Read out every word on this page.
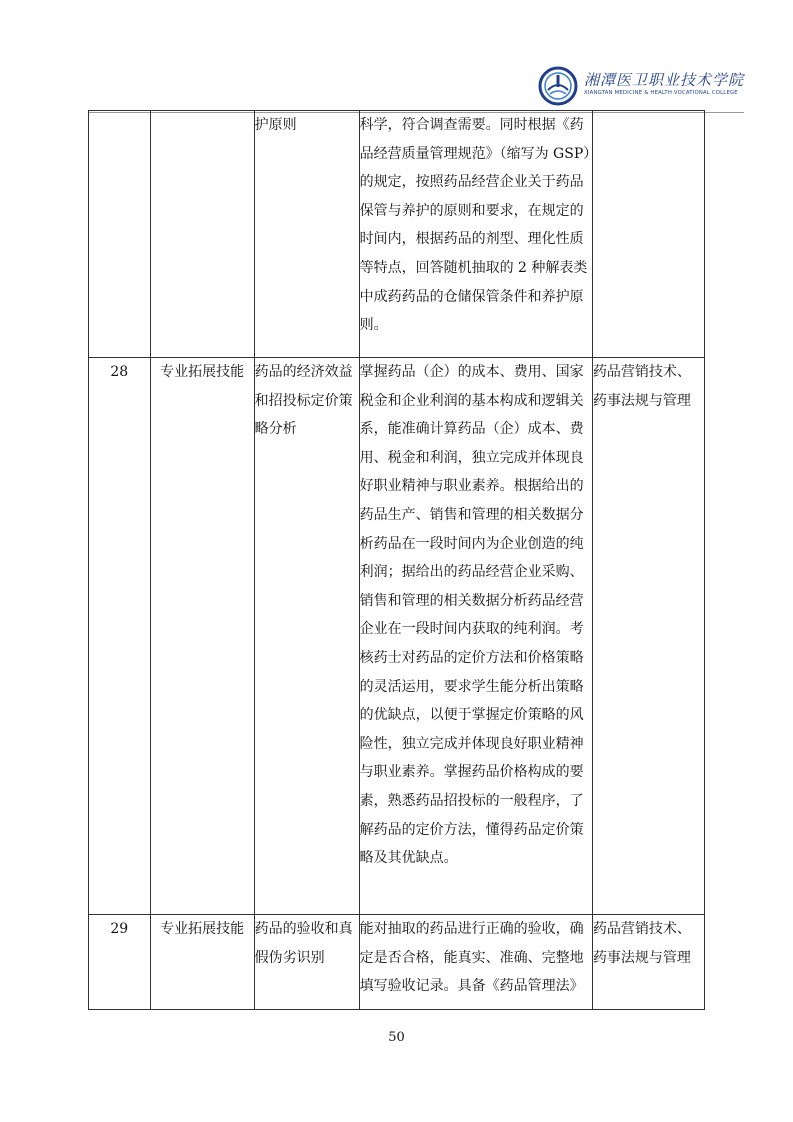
湘潭医卫职业技术学院
XIANGTAN MEDICINE & HEALTH VOCATIONAL COLLEGE
		护原则	科学，符合调查需要。同时根据《药品经营质量管理规范》（缩写为 GSP）的规定，按照药品经营企业关于药品保管与养护的原则和要求，在规定的时间内，根据药品的剂型、理化性质等特点，回答随机抽取的 2 种解表类中成药药品的仓储保管条件和养护原则。	
28	专业拓展技能	药品的经济效益和招投标定价策略分析	掌握药品（企）的成本、费用、国家税金和企业利润的基本构成和逻辑关系，能准确计算药品（企）成本、费用、税金和利润，独立完成并体现良好职业精神与职业素养。根据给出的药品生产、销售和管理的相关数据分析药品在一段时间内为企业创造的纯利润；据给出的药品经营企业采购、销售和管理的相关数据分析药品经营企业在一段时间内获取的纯利润。考核药士对药品的定价方法和价格策略的灵活运用，要求学生能分析出策略的优缺点，以便于掌握定价策略的风险性，独立完成并体现良好职业精神与职业素养。掌握药品价格构成的要素，熟悉药品招投标的一般程序，了解药品的定价方法，懂得药品定价策略及其优缺点。	药品营销技术、药事法规与管理
29	专业拓展技能	药品的验收和真假伪劣识别	能对抽取的药品进行正确的验收，确定是否合格，能真实、准确、完整地填写验收记录。具备《药品管理法》	药品营销技术、药事法规与管理
50
